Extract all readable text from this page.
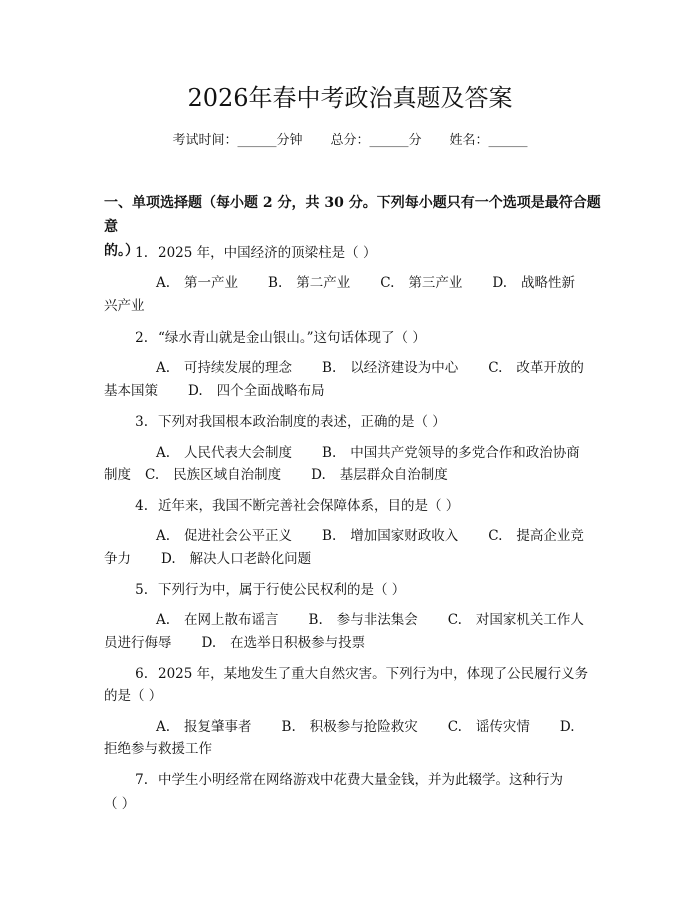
2026年春中考政治真题及答案
考试时间：______分钟 总分：______分 姓名：______
一、单项选择题（每小题 2 分，共 30 分。下列每小题只有一个选项是最符合题意
的。）
1. 2025 年，中国经济的顶梁柱是（ ）
A. 第一产业 B. 第二产业 C. 第三产业 D. 战略性新
兴产业
2. “绿水青山就是金山银山。”这句话体现了（ ）
A. 可持续发展的理念 B. 以经济建设为中心 C. 改革开放的
基本国策 D. 四个全面战略布局
3. 下列对我国根本政治制度的表述，正确的是（ ）
A. 人民代表大会制度 B. 中国共产党领导的多党合作和政治协商
制度 C. 民族区域自治制度 D. 基层群众自治制度
4. 近年来，我国不断完善社会保障体系，目的是（ ）
A. 促进社会公平正义 B. 增加国家财政收入 C. 提高企业竞
争力 D. 解决人口老龄化问题
5. 下列行为中，属于行使公民权利的是（ ）
A. 在网上散布谣言 B. 参与非法集会 C. 对国家机关工作人
员进行侮辱 D. 在选举日积极参与投票
6. 2025 年，某地发生了重大自然灾害。下列行为中，体现了公民履行义务
的是（ ）
A. 报复肇事者 B. 积极参与抢险救灾 C. 谣传灾情 D.
拒绝参与救援工作
7. 中学生小明经常在网络游戏中花费大量金钱，并为此辍学。这种行为
（ ）
